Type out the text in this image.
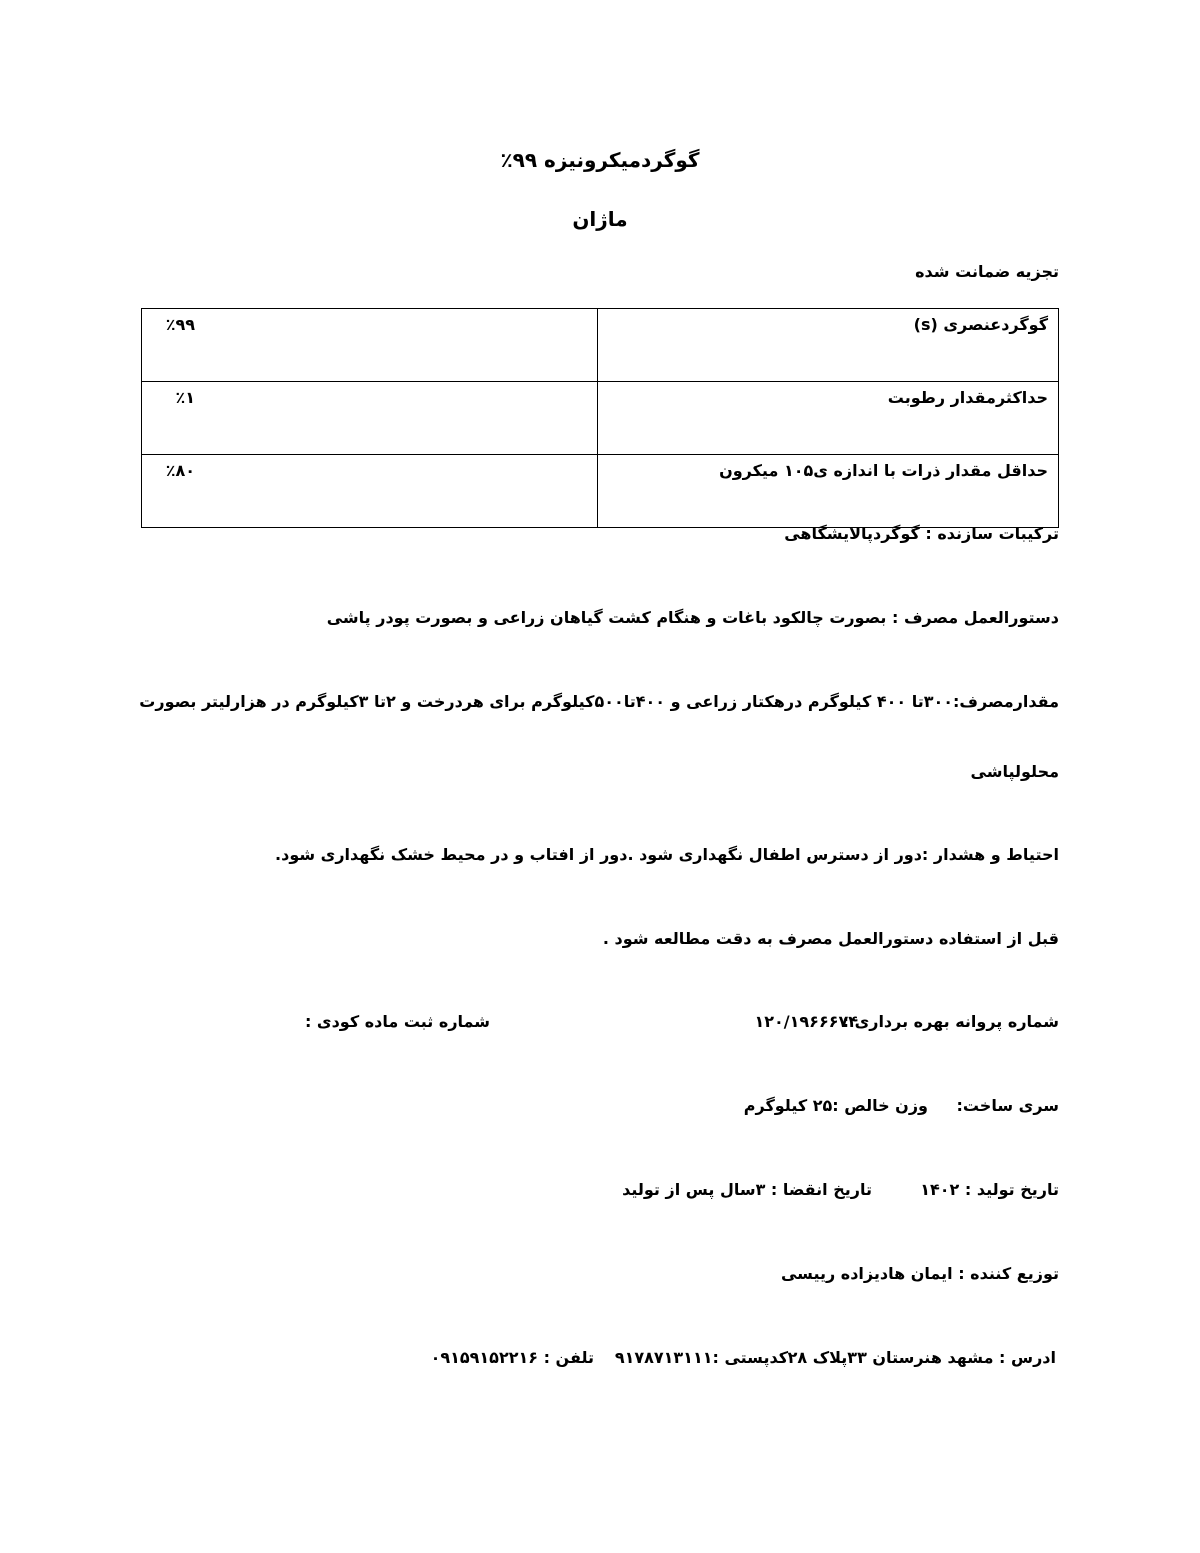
گوگردمیکرونیزه ۹۹٪
ماژان
تجزیه ضمانت شده
گوگردعنصری (s)	٪۹۹
حداکثرمقدار رطوبت	٪۱
حداقل مقدار ذرات با اندازه ی۱۰۵ میکرون	٪۸۰
ترکیبات سازنده : گوگردپالایشگاهی
دستورالعمل مصرف : بصورت چالکود باغات و هنگام کشت گیاهان زراعی و بصورت پودر پاشی
مقدارمصرف:۳۰۰تا ۴۰۰ کیلوگرم درهکتار زراعی و ۴۰۰تا۵۰۰کیلوگرم برای هردرخت و ۲تا ۳کیلوگرم در هزارلیتر بصورت
محلولپاشی
احتیاط و هشدار :دور از دسترس اطفال نگهداری شود .دور از افتاب و در محیط خشک نگهداری شود.
قبل از استفاده دستورالعمل مصرف به دقت مطالعه شود .
شماره پروانه بهره برداری :
۱۲۰/۱۹۶۶۶۷۴
شماره ثبت ماده کودی :
سری ساخت:
وزن خالص :۲۵ کیلوگرم
تاریخ تولید : ۱۴۰۲
تاریخ انقضا : ۳سال پس از تولید
توزیع کننده : ایمان هادیزاده رییسی
ادرس : مشهد هنرستان ۳۳پلاک ۲۸
کدپستی :۹۱۷۸۷۱۳۱۱۱
تلفن : ۰۹۱۵۹۱۵۲۲۱۶
